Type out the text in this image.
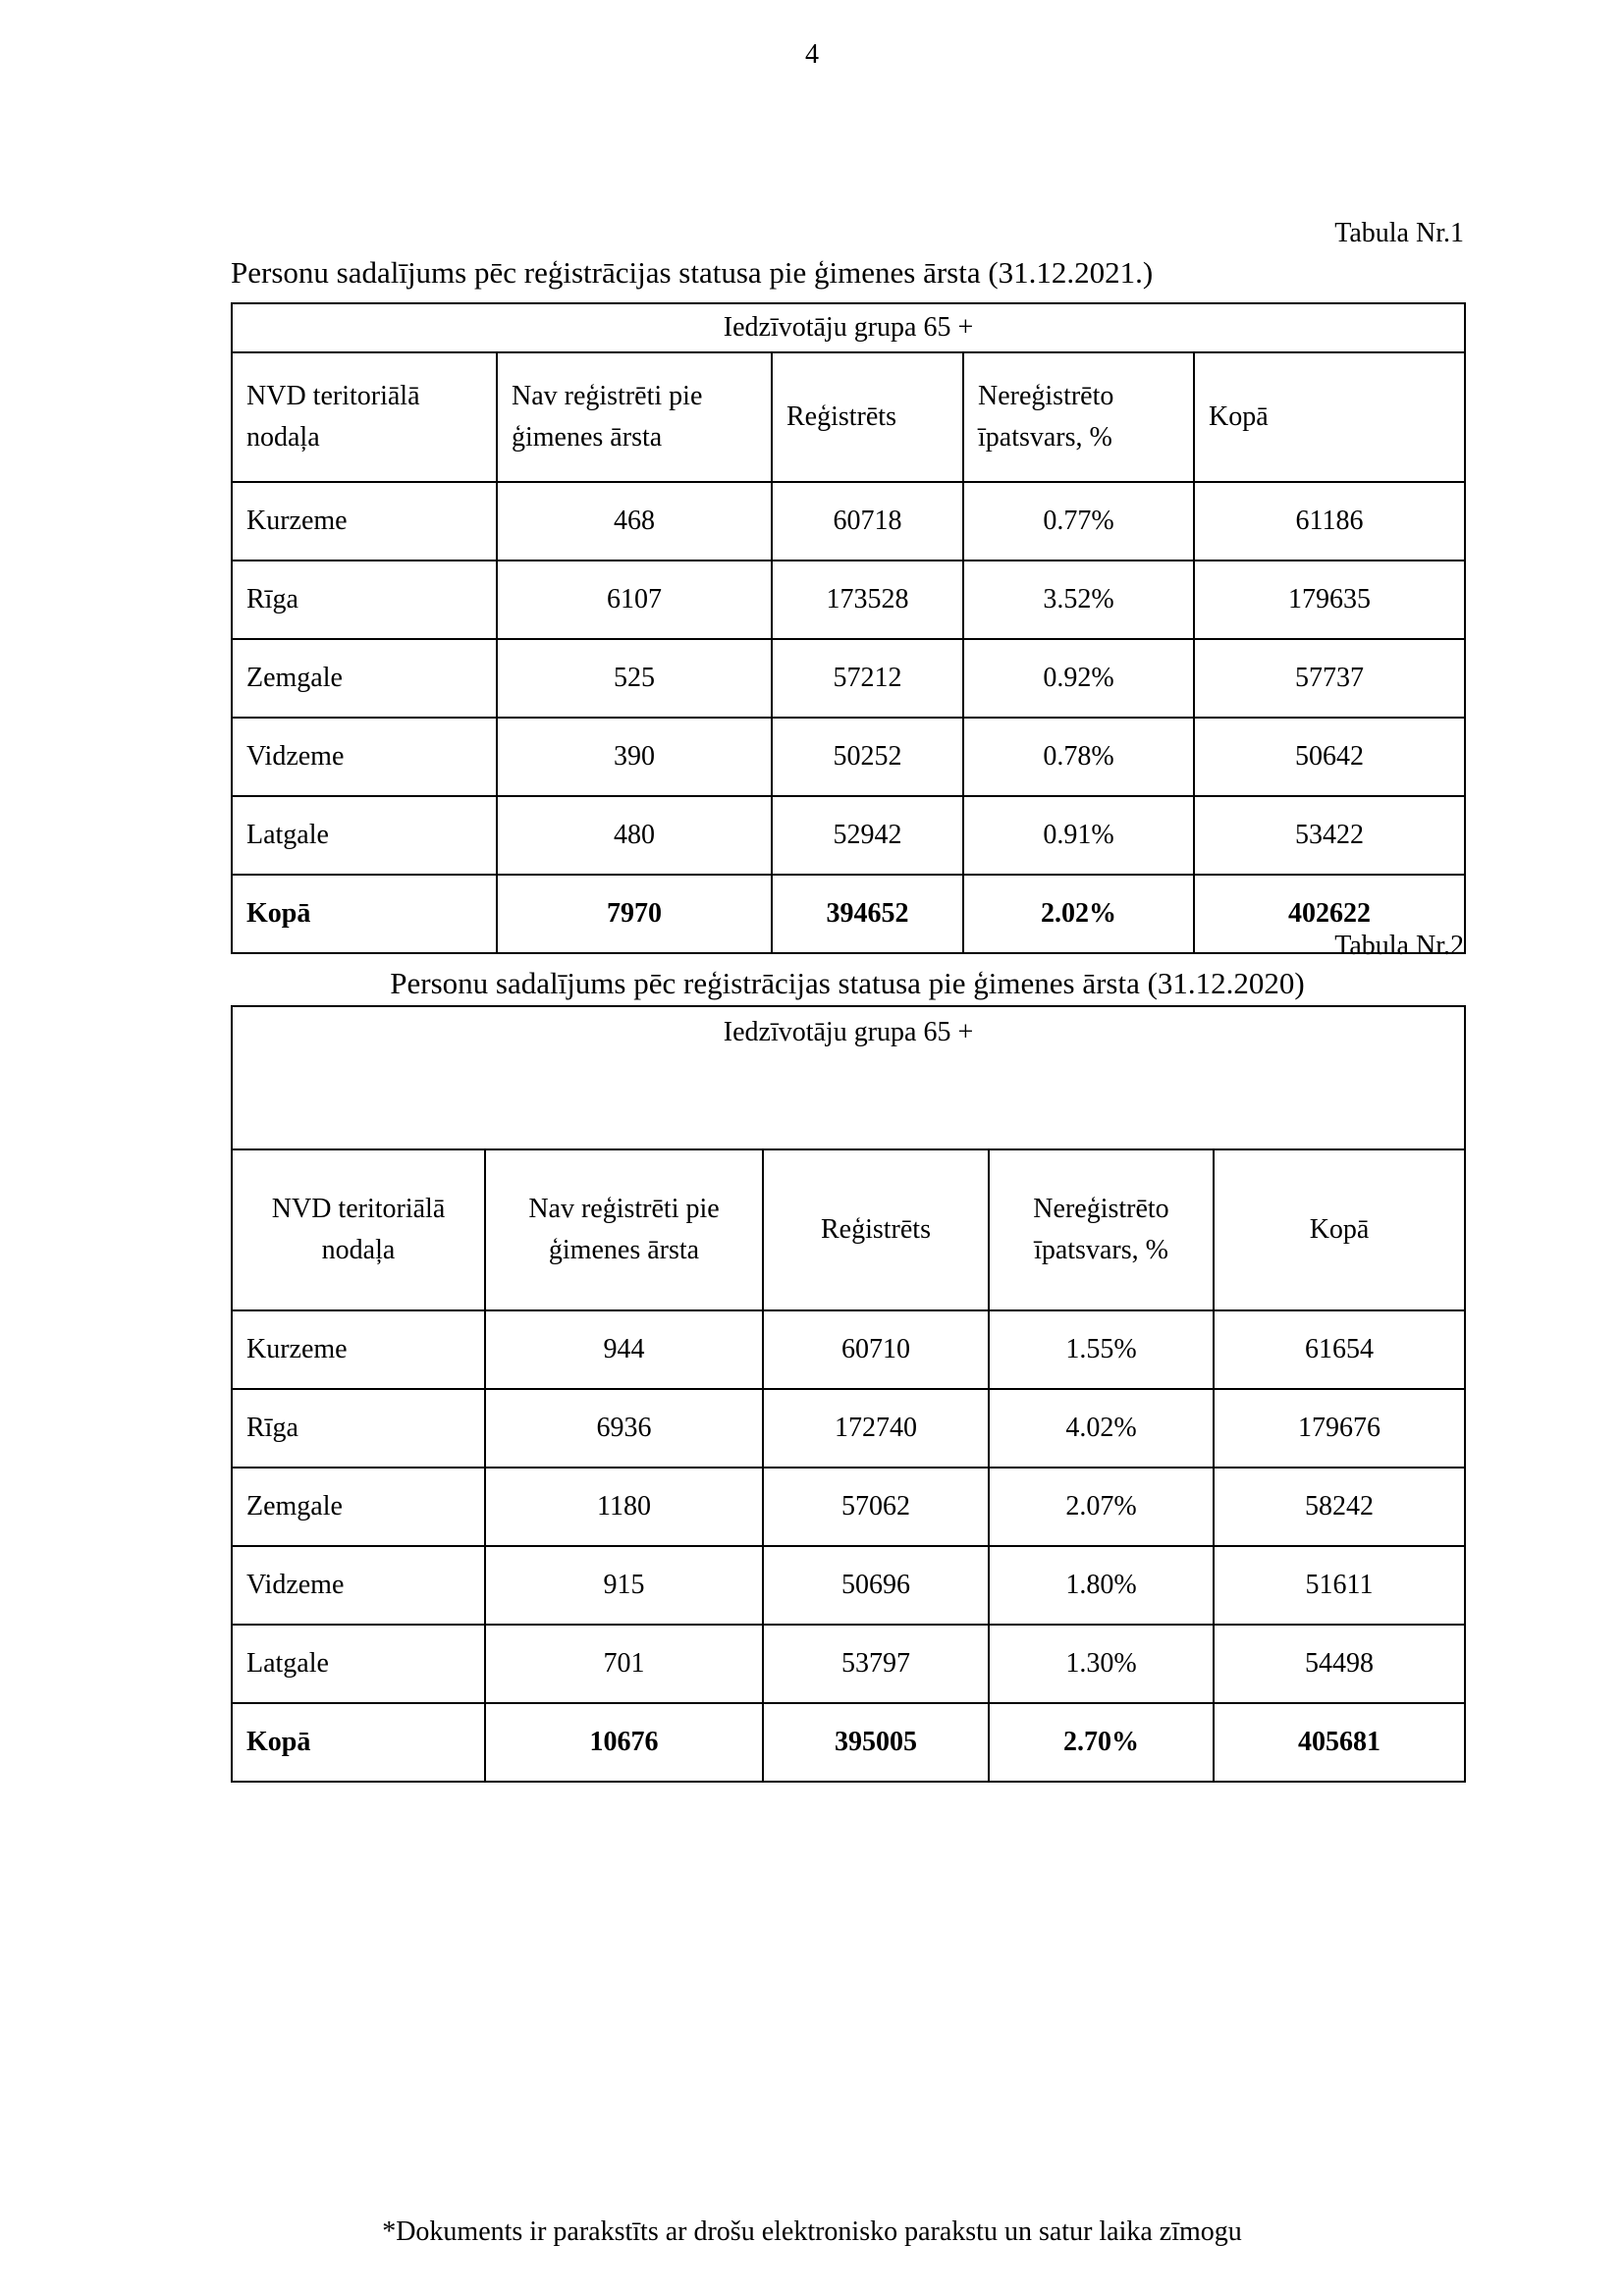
4
Tabula Nr.1
Personu sadalījums pēc reģistrācijas statusa pie ģimenes ārsta (31.12.2021.)
Iedzīvotāju grupa 65 +				
NVD teritoriālā nodaļa	Nav reģistrēti pie ģimenes ārsta	Reģistrēts	Nereģistrēto īpatsvars, %	Kopā
Kurzeme	468	60718	0.77%	61186
Rīga	6107	173528	3.52%	179635
Zemgale	525	57212	0.92%	57737
Vidzeme	390	50252	0.78%	50642
Latgale	480	52942	0.91%	53422
Kopā	7970	394652	2.02%	402622
Tabula Nr.2
Personu sadalījums pēc reģistrācijas statusa pie ģimenes ārsta (31.12.2020)
Iedzīvotāju grupa 65 +				
NVD teritoriālā nodaļa	Nav reģistrēti pie ģimenes ārsta	Reģistrēts	Nereģistrēto īpatsvars, %	Kopā
Kurzeme	944	60710	1.55%	61654
Rīga	6936	172740	4.02%	179676
Zemgale	1180	57062	2.07%	58242
Vidzeme	915	50696	1.80%	51611
Latgale	701	53797	1.30%	54498
Kopā	10676	395005	2.70%	405681
*Dokuments ir parakstīts ar drošu elektronisko parakstu un satur laika zīmogu
